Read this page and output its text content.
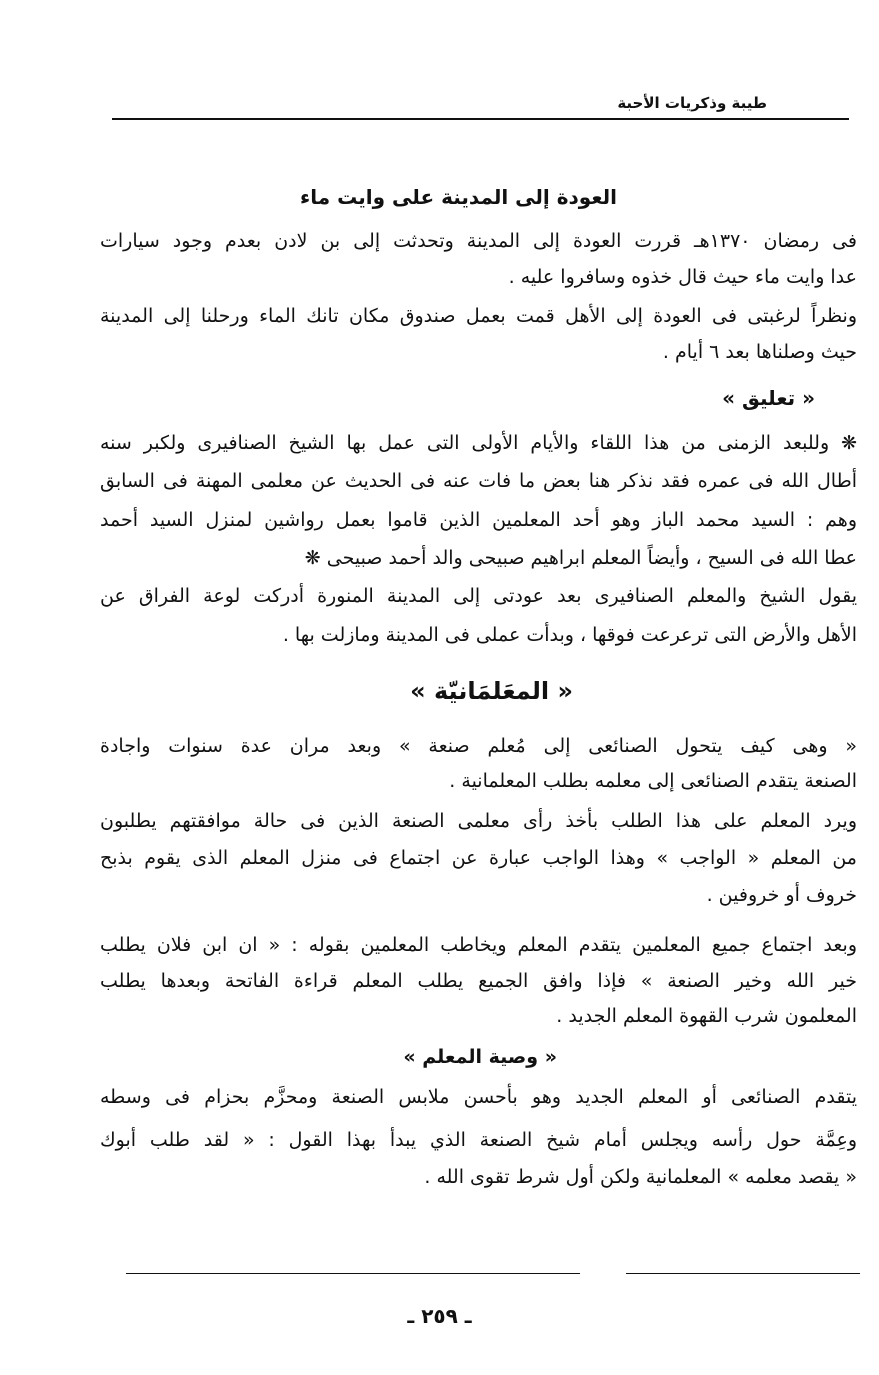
طيبة وذكريات الأحبة
العودة إلى المدينة على وايت ماء
فى رمضان ١٣٧٠هـ قررت العودة إلى المدينة وتحدثت إلى بن لادن بعدم وجود سيارات
عدا وايت ماء حيث قال خذوه وسافروا عليه .
ونظراً لرغبتى فى العودة إلى الأهل قمت بعمل صندوق مكان تانك الماء ورحلنا إلى المدينة
حيث وصلناها بعد ٦ أيام .
« تعليق »
❋ وللبعد الزمنى من هذا اللقاء والأيام الأولى التى عمل بها الشيخ الصنافيرى ولكبر سنه
أطال الله فى عمره فقد نذكر هنا بعض ما فات عنه فى الحديث عن معلمى المهنة فى السابق
وهم : السيد محمد الباز وهو أحد المعلمين الذين قاموا بعمل رواشين لمنزل السيد أحمد
عطا الله فى السيح ، وأيضاً المعلم ابراهيم صبيحى والد أحمد صبيحى ❋
يقول الشيخ والمعلم الصنافيرى بعد عودتى إلى المدينة المنورة أدركت لوعة الفراق عن
الأهل والأرض التى ترعرعت فوقها ، وبدأت عملى فى المدينة ومازلت بها .
« المعَلمَانيّة »
« وهى كيف يتحول الصنائعى إلى مُعلم صنعة » وبعد مران عدة سنوات واجادة
الصنعة يتقدم الصنائعى إلى معلمه بطلب المعلمانية .
ويرد المعلم على هذا الطلب بأخذ رأى معلمى الصنعة الذين فى حالة موافقتهم يطلبون
من المعلم « الواجب » وهذا الواجب عبارة عن اجتماع فى منزل المعلم الذى يقوم بذبح
خروف أو خروفين .
وبعد اجتماع جميع المعلمين يتقدم المعلم ويخاطب المعلمين بقوله : « ان ابن فلان يطلب
خير الله وخير الصنعة » فإذا وافق الجميع يطلب المعلم قراءة الفاتحة وبعدها يطلب
المعلمون شرب القهوة المعلم الجديد .
« وصية المعلم »
يتقدم الصنائعى أو المعلم الجديد وهو بأحسن ملابس الصنعة ومحزَّم بحزام فى وسطه
وعِمَّة حول رأسه ويجلس أمام شيخ الصنعة الذي يبدأ بهذا القول : « لقد طلب أبوك
« يقصد معلمه » المعلمانية ولكن أول شرط تقوى الله .
ـ ٢٥٩ ـ
